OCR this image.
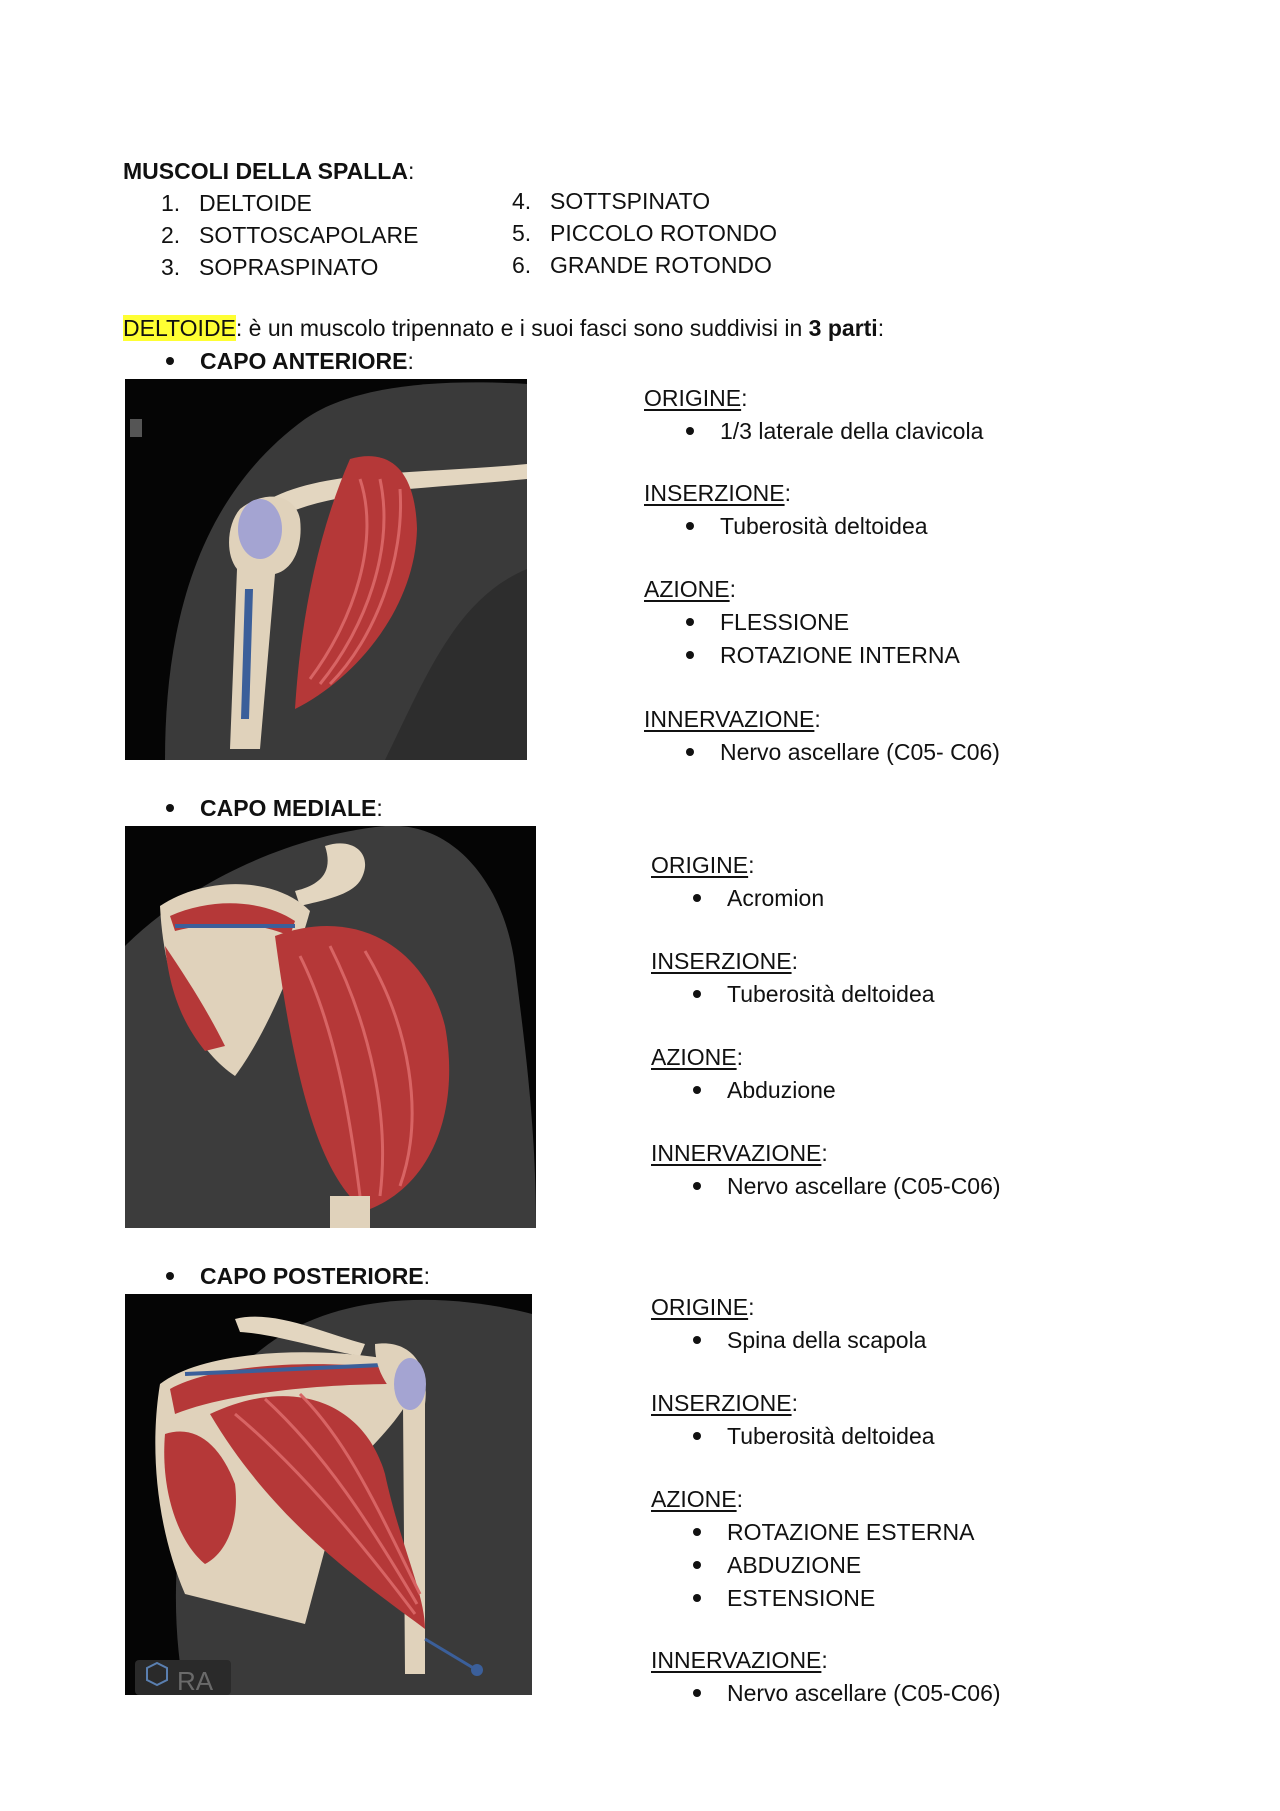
MUSCOLI DELLA SPALLA:
1. DELTOIDE
2. SOTTOSCAPOLARE
3. SOPRASPINATO
4. SOTTSPINATO
5. PICCOLO ROTONDO
6. GRANDE ROTONDO
DELTOIDE: è un muscolo tripennato e i suoi fasci sono suddivisi in 3 parti:
CAPO ANTERIORE:
ORIGINE:
1/3 laterale della clavicola
INSERZIONE:
Tuberosità deltoidea
AZIONE:
FLESSIONE
ROTAZIONE INTERNA
INNERVAZIONE:
Nervo ascellare (C05- C06)
CAPO MEDIALE:
ORIGINE:
Acromion
INSERZIONE:
Tuberosità deltoidea
AZIONE:
Abduzione
INNERVAZIONE:
Nervo ascellare (C05-C06)
CAPO POSTERIORE:
RA
ORIGINE:
Spina della scapola
INSERZIONE:
Tuberosità deltoidea
AZIONE:
ROTAZIONE ESTERNA
ABDUZIONE
ESTENSIONE
INNERVAZIONE:
Nervo ascellare (C05-C06)
